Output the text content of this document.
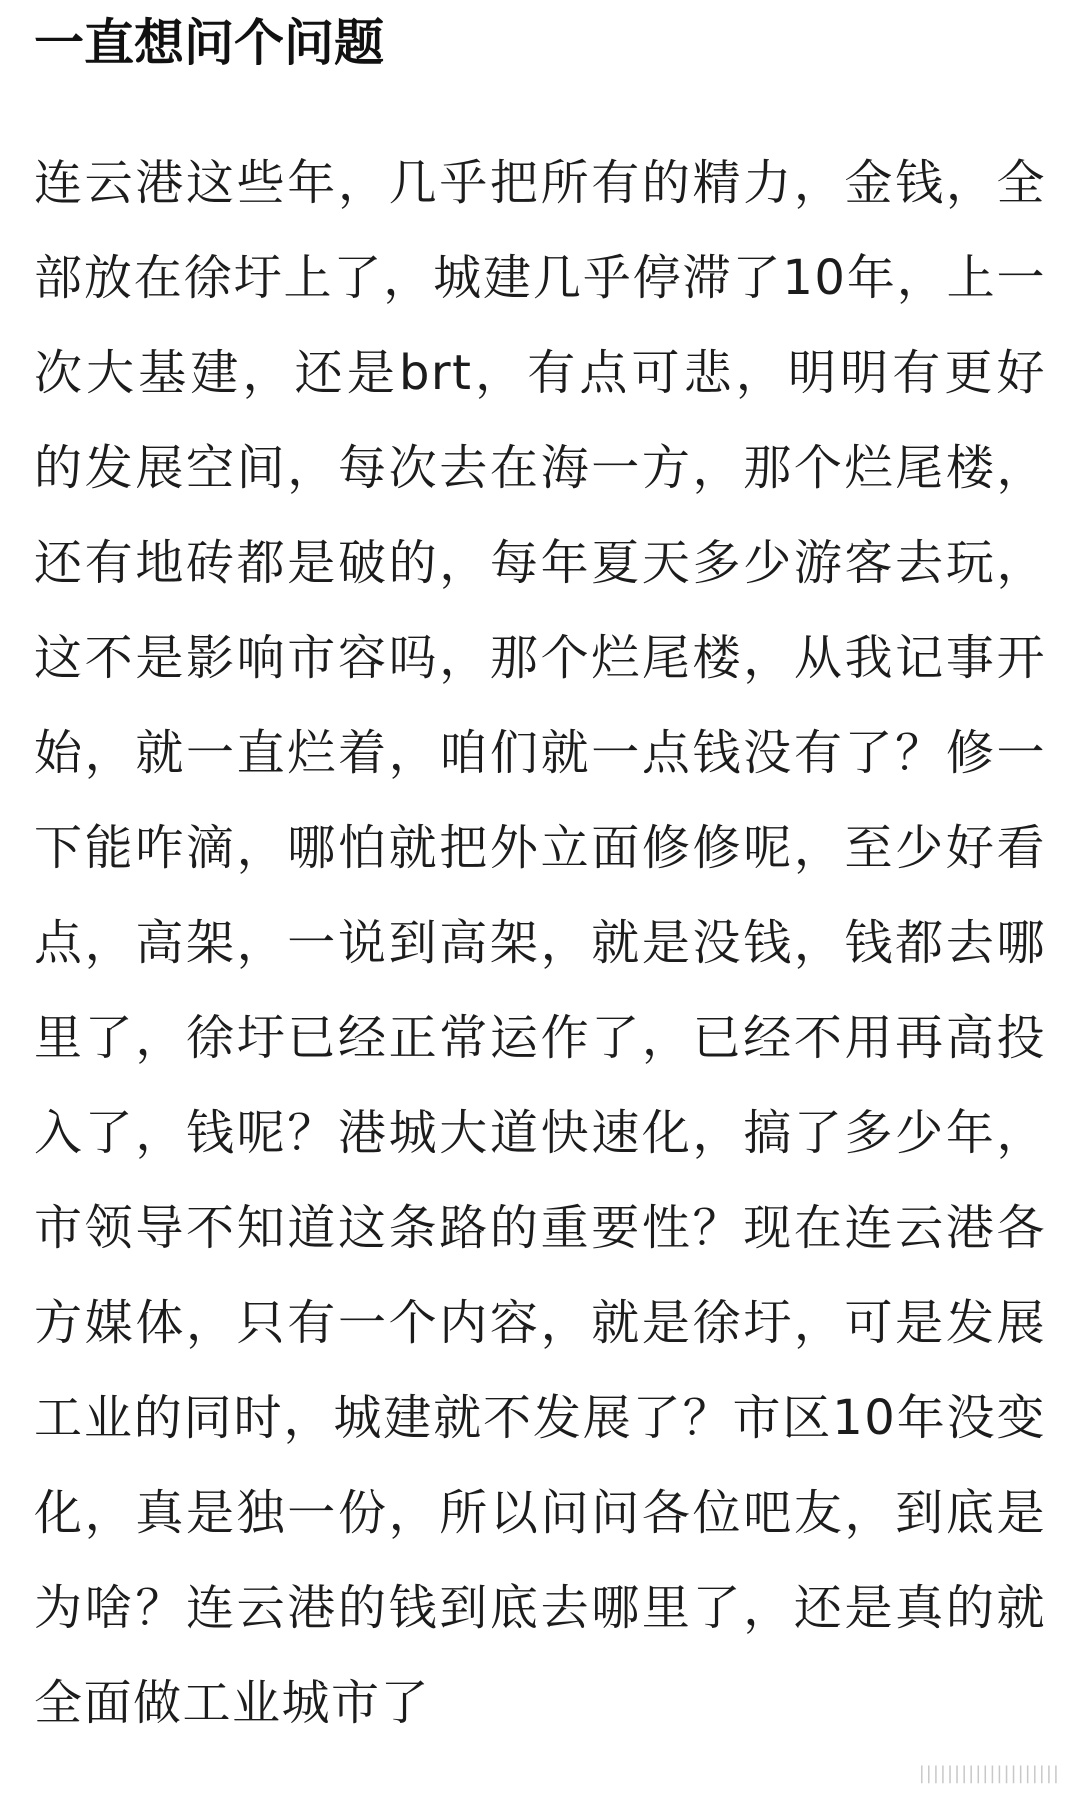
一直想问个问题

连云港这些年，几乎把所有的精力，金钱，全部放在徐圩上了，城建几乎停滞了10年，上一次大基建，还是brt，有点可悲，明明有更好的发展空间，每次去在海一方，那个烂尾楼，还有地砖都是破的，每年夏天多少游客去玩，这不是影响市容吗，那个烂尾楼，从我记事开始，就一直烂着，咱们就一点钱没有了？修一下能咋滴，哪怕就把外立面修修呢，至少好看点，高架，一说到高架，就是没钱，钱都去哪里了，徐圩已经正常运作了，已经不用再高投入了，钱呢？港城大道快速化，搞了多少年，市领导不知道这条路的重要性？现在连云港各方媒体，只有一个内容，就是徐圩，可是发展工业的同时，城建就不发展了？市区10年没变化，真是独一份，所以问问各位吧友，到底是为啥？连云港的钱到底去哪里了，还是真的就全面做工业城市了

||||||||||||||||||||
